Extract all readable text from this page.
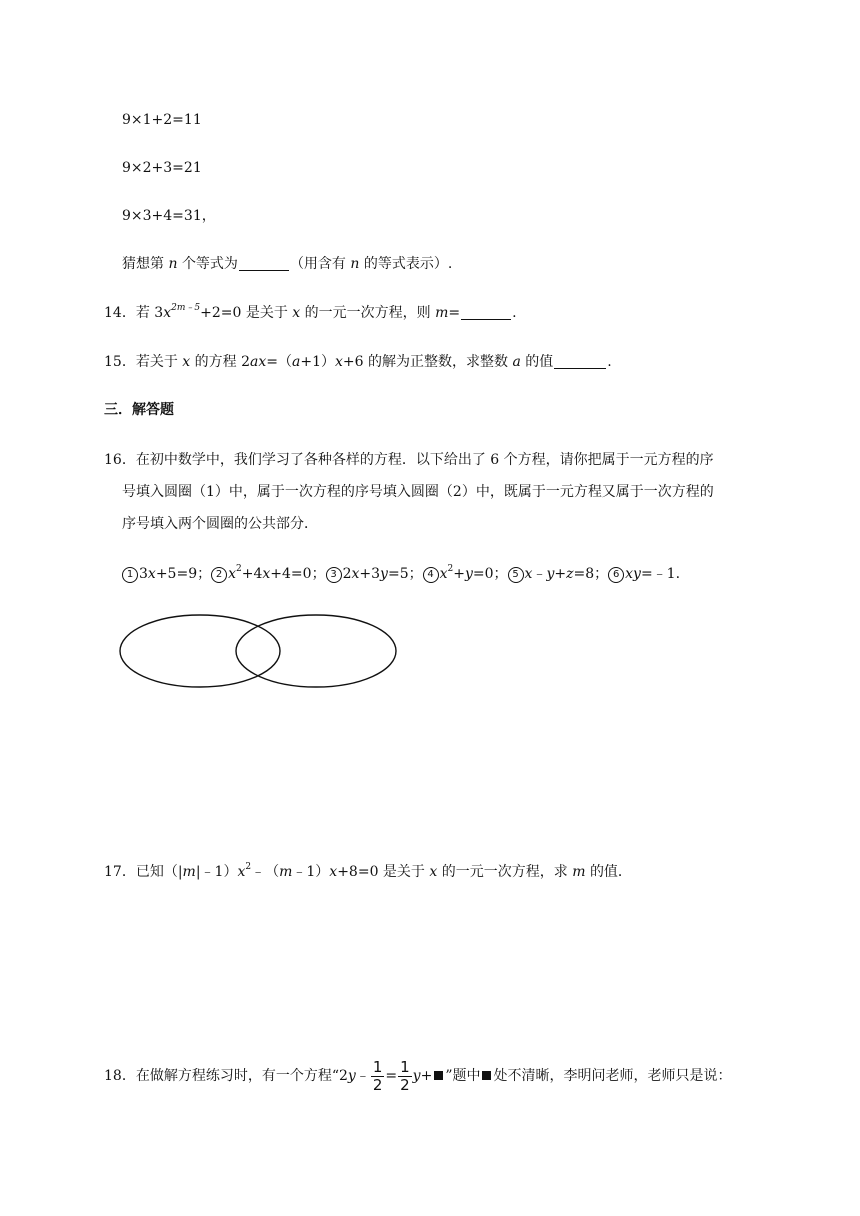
9×1+2=11
9×2+3=21
9×3+4=31，
猜想第 n 个等式为	（用含有 n 的等式表示）.
14．若 $3x^{2m﹣5}+2=0$ 是关于 x 的一元一次方程，则 m=	.
15．若关于 x 的方程 2ax=（a+1）x+6 的解为正整数，求整数 a 的值	.
三．解答题
16．在初中数学中，我们学习了各种各样的方程．以下给出了 6 个方程，请你把属于一元方程的序
号填入圆圈（1）中，属于一次方程的序号填入圆圈（2）中，既属于一元方程又属于一次方程的
序号填入两个圆圈的公共部分．
1 3x+5=9； 2 $x^2+4x+4=0$； 3 2x+3y=5； 4 $x^2+y=0$； 5 x﹣y+z=8； 6 xy=﹣1.
17．已知$(|m|﹣1)x^2﹣(m﹣1)x+8=0$ 是关于 x 的一元一次方程，求 m 的值．
18．在做解方程练习时，有一个方程“2y﹣ $\frac{1}{2} = \frac{1}{2} y+$ ”题中 处不清晰，李明问老师，老师只是说：
